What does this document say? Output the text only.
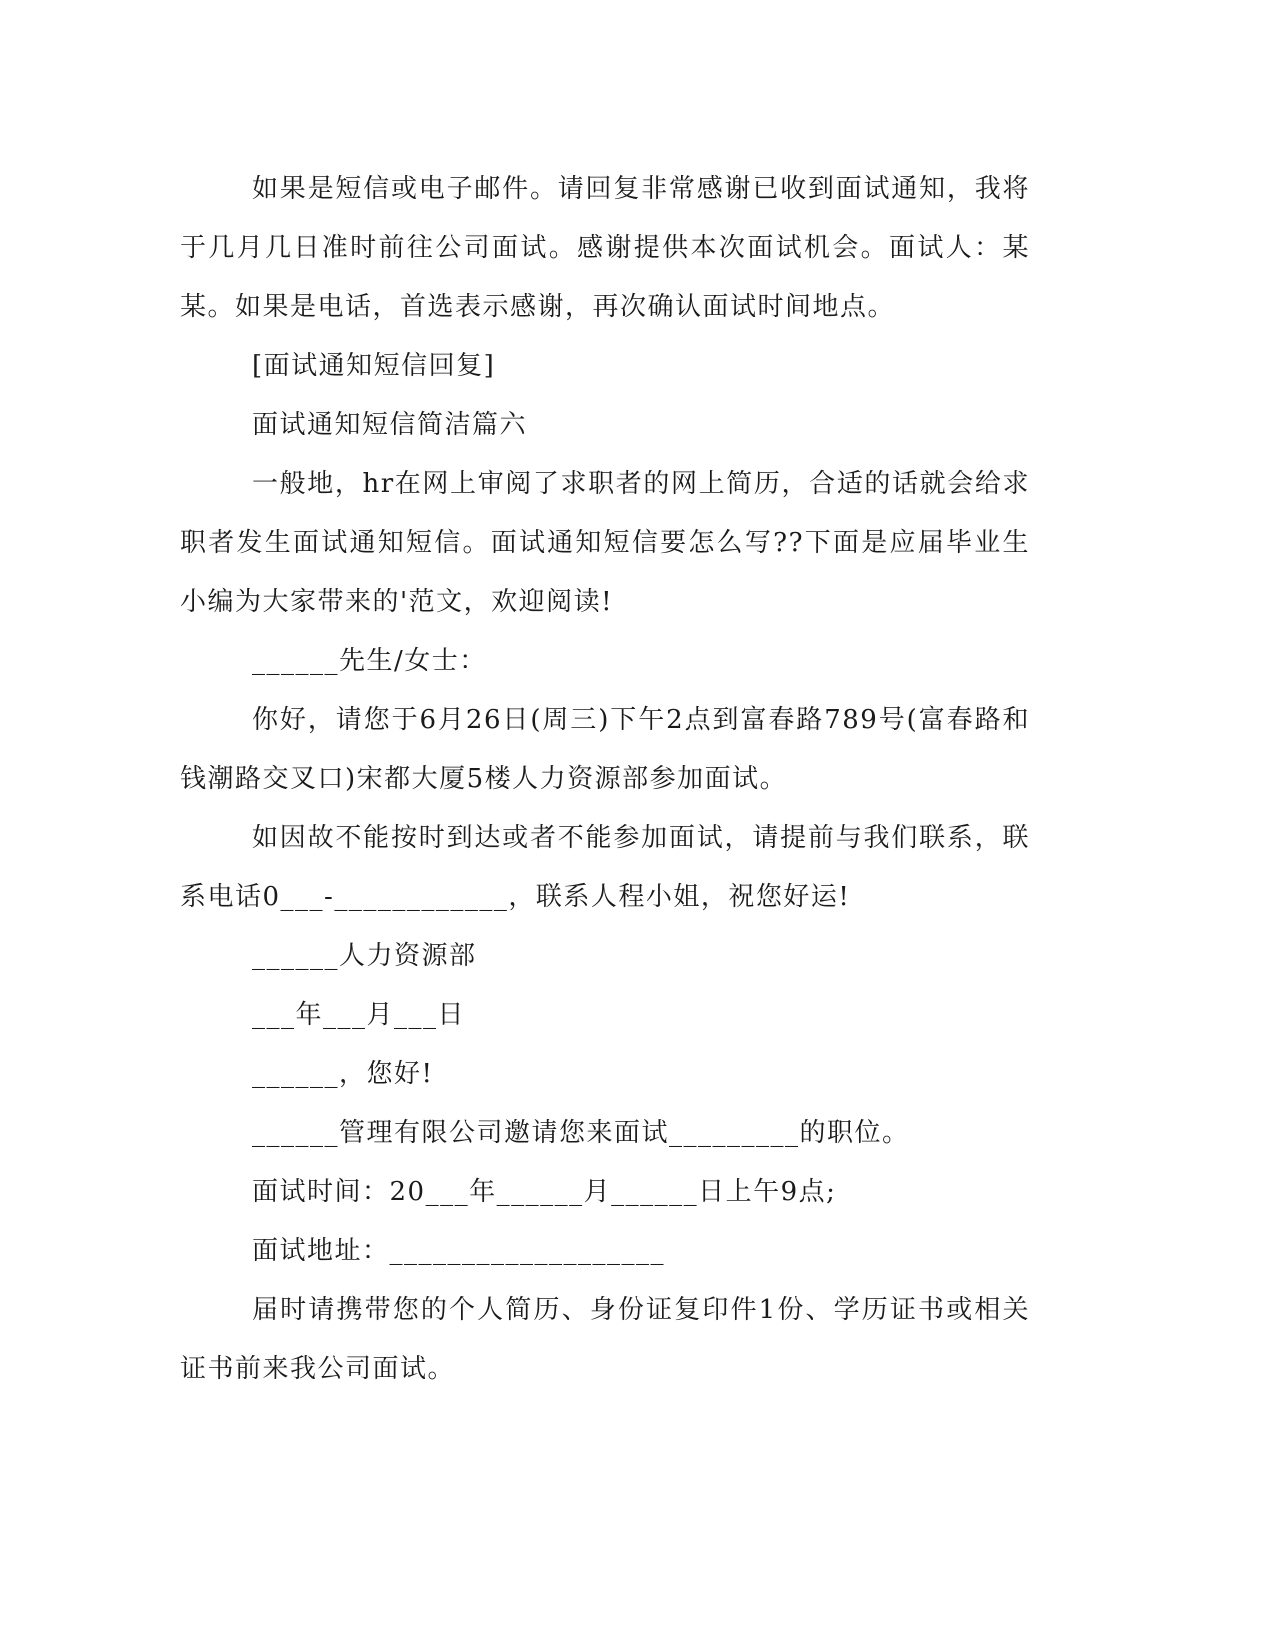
如果是短信或电子邮件。请回复非常感谢已收到面试通知，我将于几月几日准时前往公司面试。感谢提供本次面试机会。面试人：某某。如果是电话，首选表示感谢，再次确认面试时间地点。

[面试通知短信回复]

面试通知短信简洁篇六

一般地，hr在网上审阅了求职者的网上简历，合适的话就会给求职者发生面试通知短信。面试通知短信要怎么写??下面是应届毕业生小编为大家带来的'范文，欢迎阅读!

______先生/女士：

你好，请您于6月26日(周三)下午2点到富春路789号(富春路和钱潮路交叉口)宋都大厦5楼人力资源部参加面试。

如因故不能按时到达或者不能参加面试，请提前与我们联系，联系电话0___-____________，联系人程小姐，祝您好运!

______人力资源部

___年___月___日

______，您好!

______管理有限公司邀请您来面试_________的职位。

面试时间：20___年______月______日上午9点;

面试地址：___________________

届时请携带您的个人简历、身份证复印件1份、学历证书或相关证书前来我公司面试。
